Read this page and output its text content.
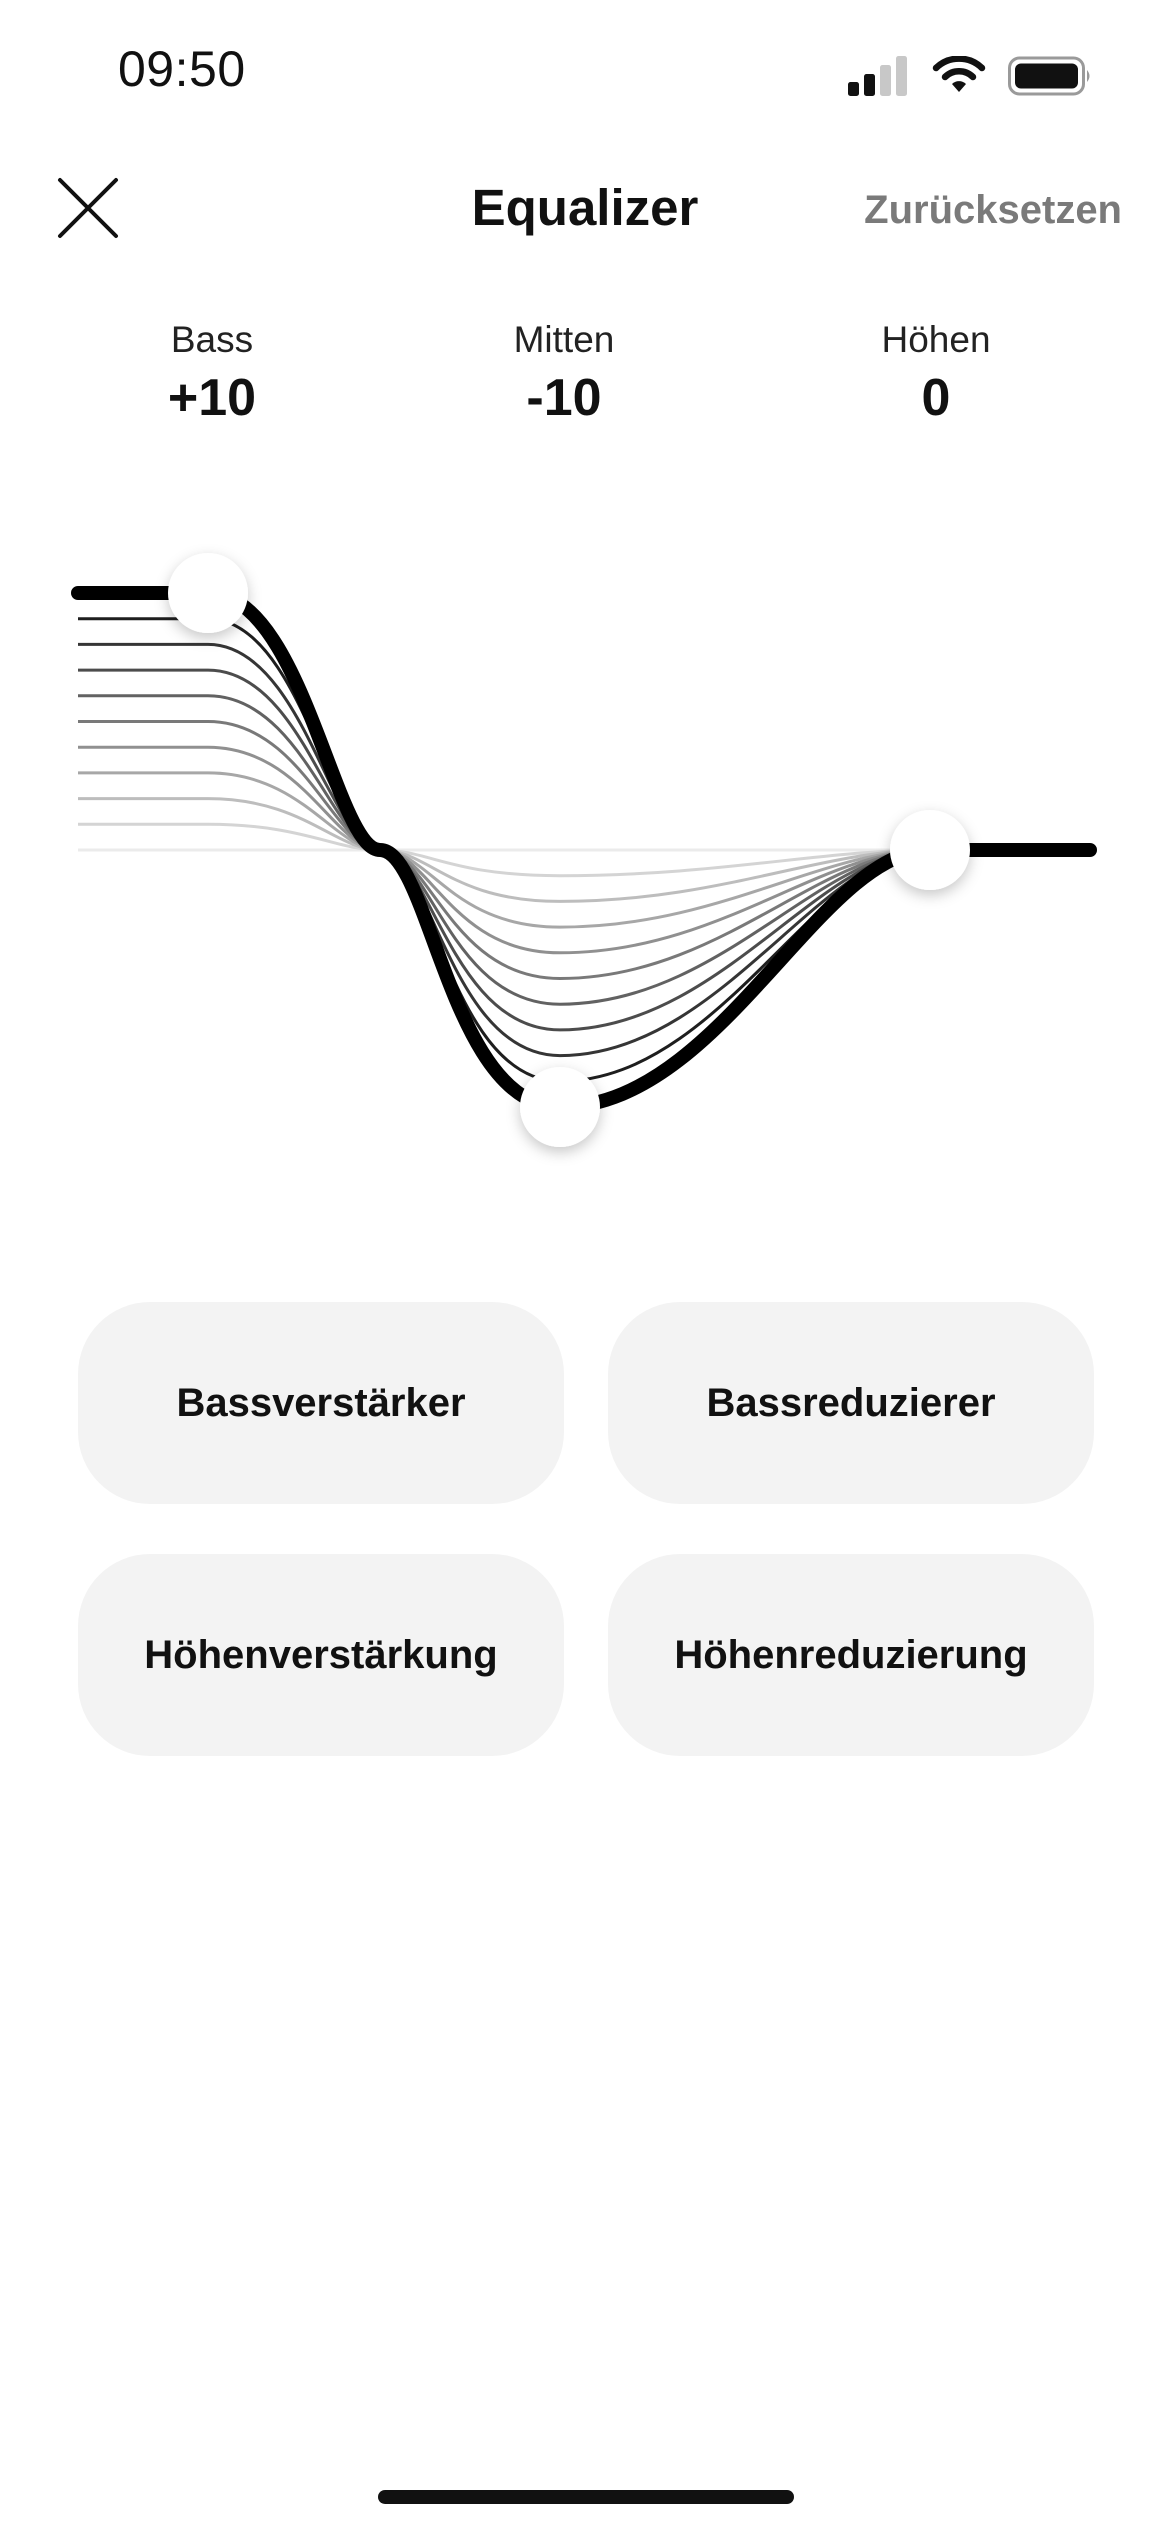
09:50
Equalizer	Zurücksetzen
Bass
+10
Mitten
-10
Höhen
0
Bassverstärker	Bassreduzierer
Höhenverstärkung	Höhenreduzierung
